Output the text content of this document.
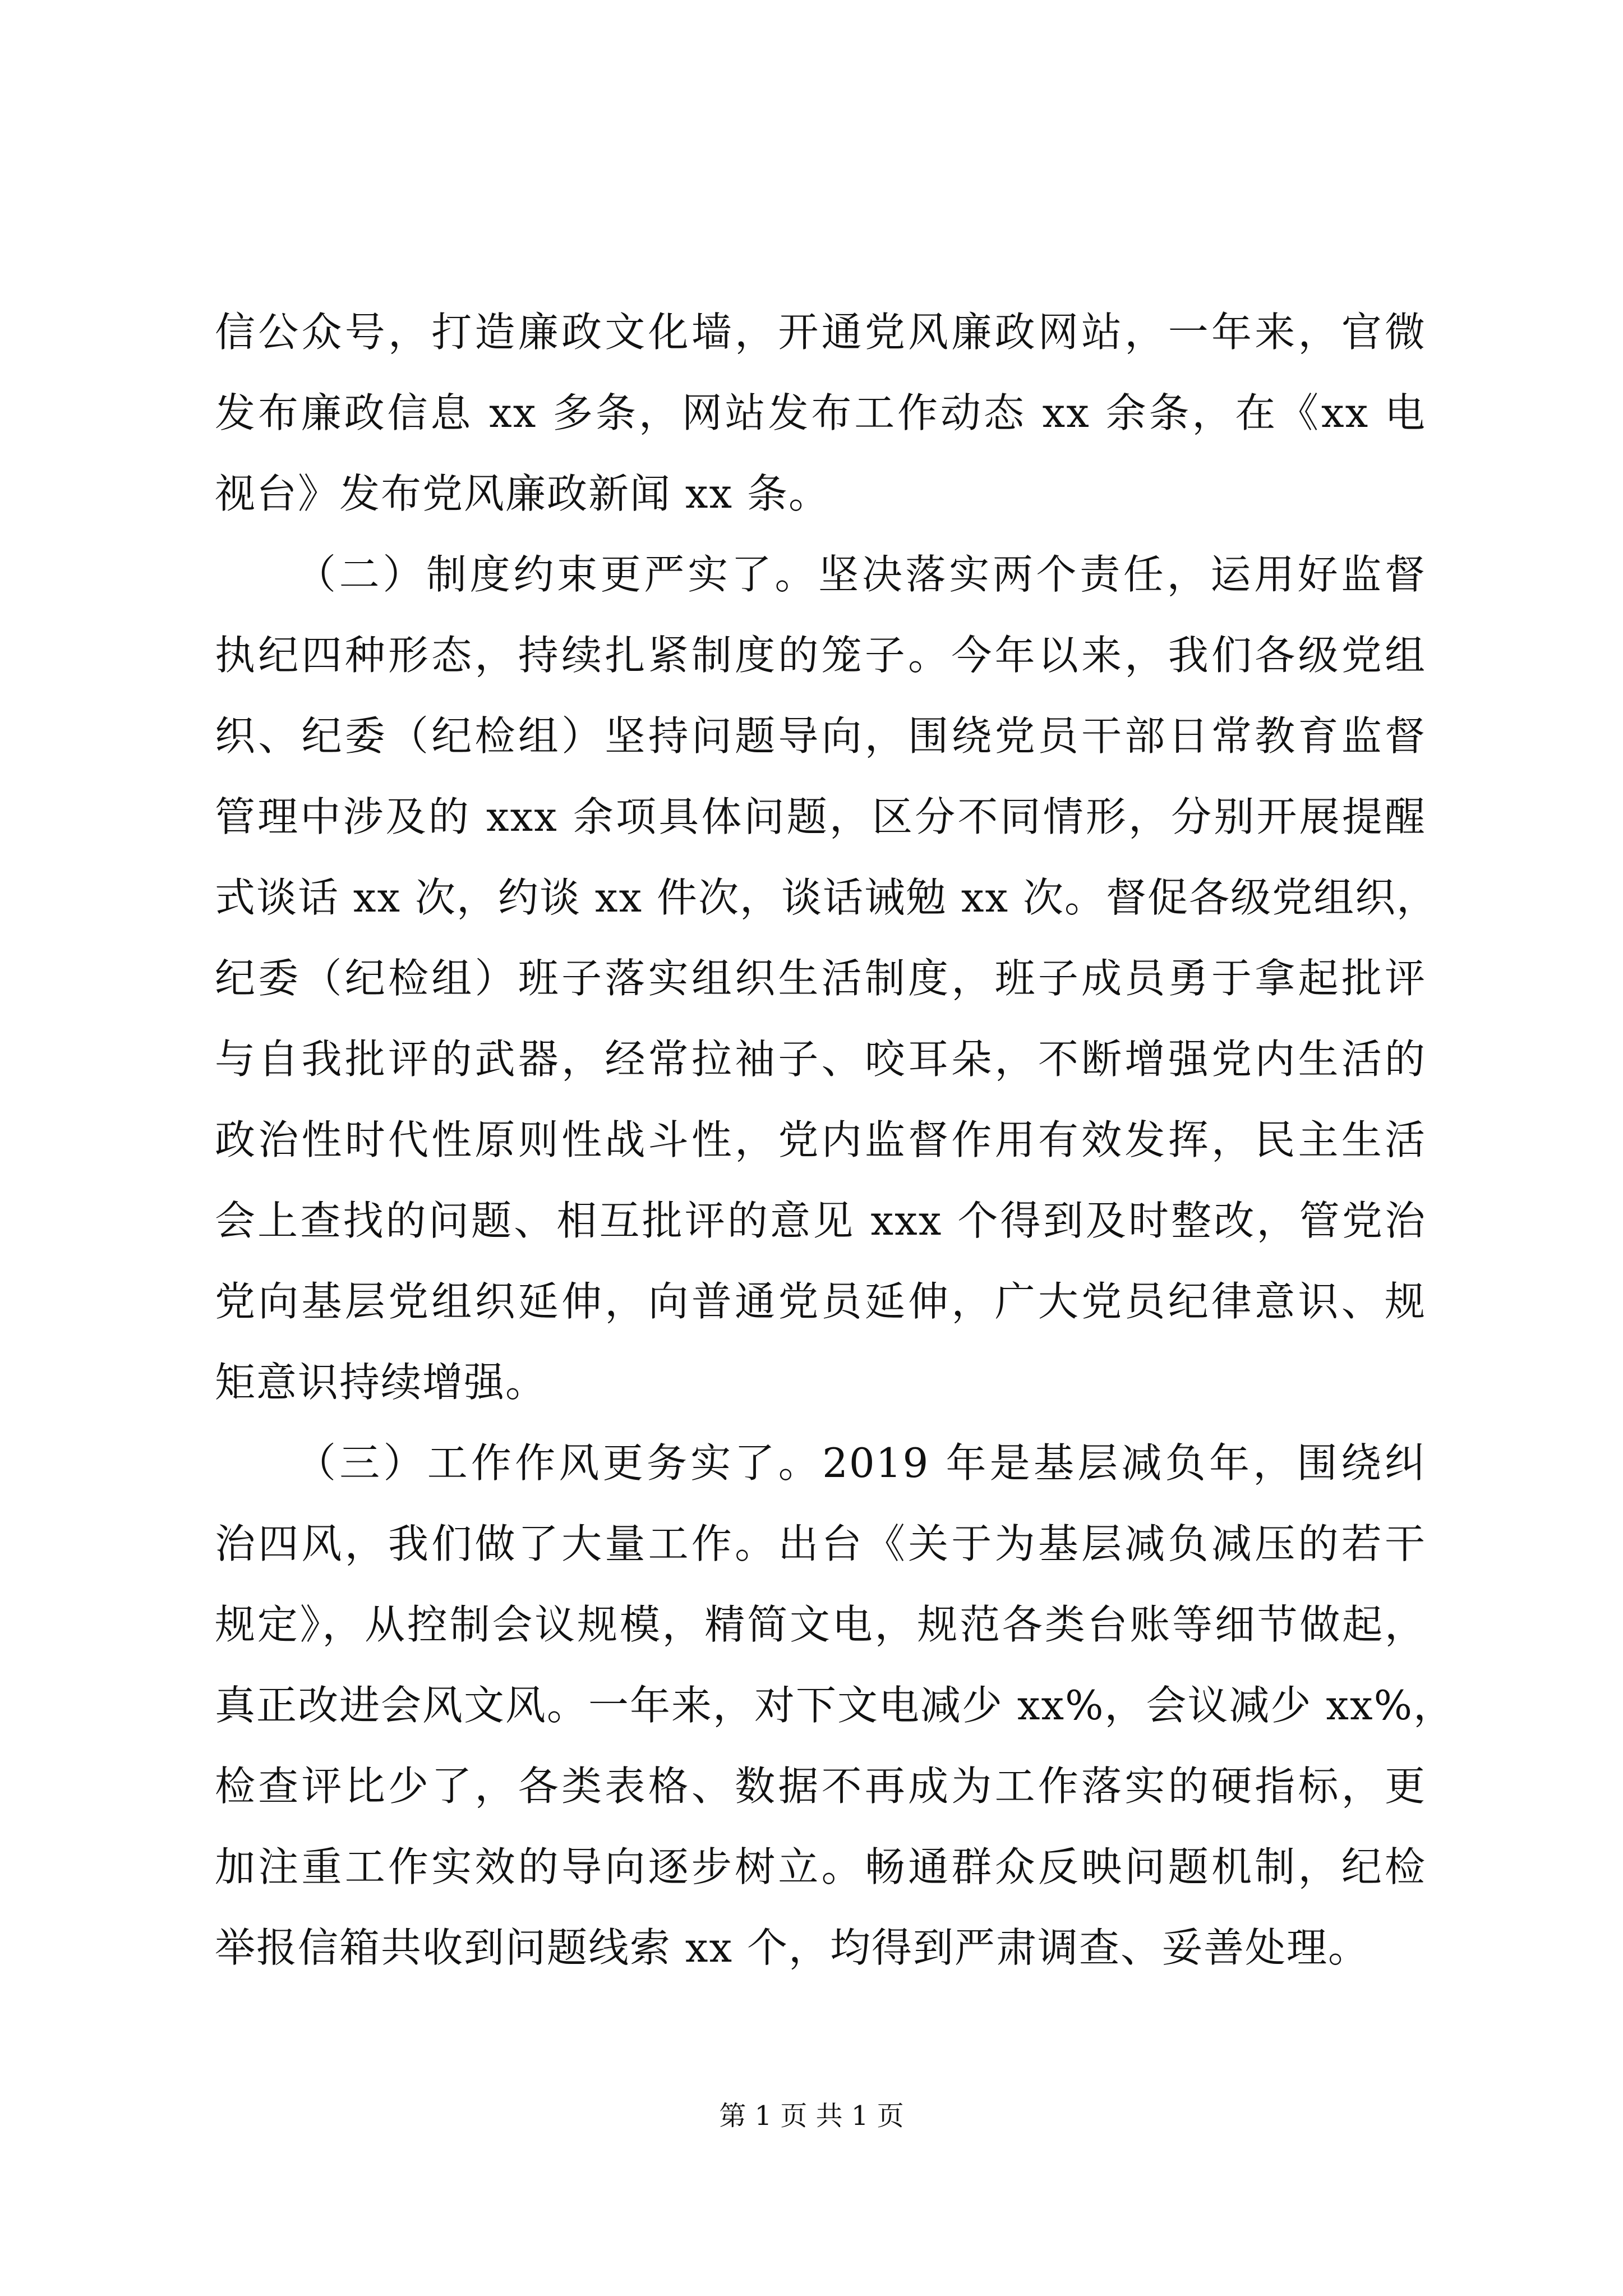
信公众号，打造廉政文化墙，开通党风廉政网站，一年来，官微
发布廉政信息 xx 多条，网站发布工作动态 xx 余条，在《xx 电
视台》发布党风廉政新闻 xx 条。
（二）制度约束更严实了。坚决落实两个责任，运用好监督
执纪四种形态，持续扎紧制度的笼子。今年以来，我们各级党组
织、纪委（纪检组）坚持问题导向，围绕党员干部日常教育监督
管理中涉及的 xxx 余项具体问题，区分不同情形，分别开展提醒
式谈话 xx 次，约谈 xx 件次，谈话诫勉 xx 次。督促各级党组织，
纪委（纪检组）班子落实组织生活制度，班子成员勇于拿起批评
与自我批评的武器，经常拉袖子、咬耳朵，不断增强党内生活的
政治性时代性原则性战斗性，党内监督作用有效发挥，民主生活
会上查找的问题、相互批评的意见 xxx 个得到及时整改，管党治
党向基层党组织延伸，向普通党员延伸，广大党员纪律意识、规
矩意识持续增强。
（三）工作作风更务实了。2019 年是基层减负年，围绕纠
治四风，我们做了大量工作。出台《关于为基层减负减压的若干
规定》，从控制会议规模，精简文电，规范各类台账等细节做起，
真正改进会风文风。一年来，对下文电减少 xx%，会议减少 xx%，
检查评比少了，各类表格、数据不再成为工作落实的硬指标，更
加注重工作实效的导向逐步树立。畅通群众反映问题机制，纪检
举报信箱共收到问题线索 xx 个，均得到严肃调查、妥善处理。
第 1 页 共 1 页
